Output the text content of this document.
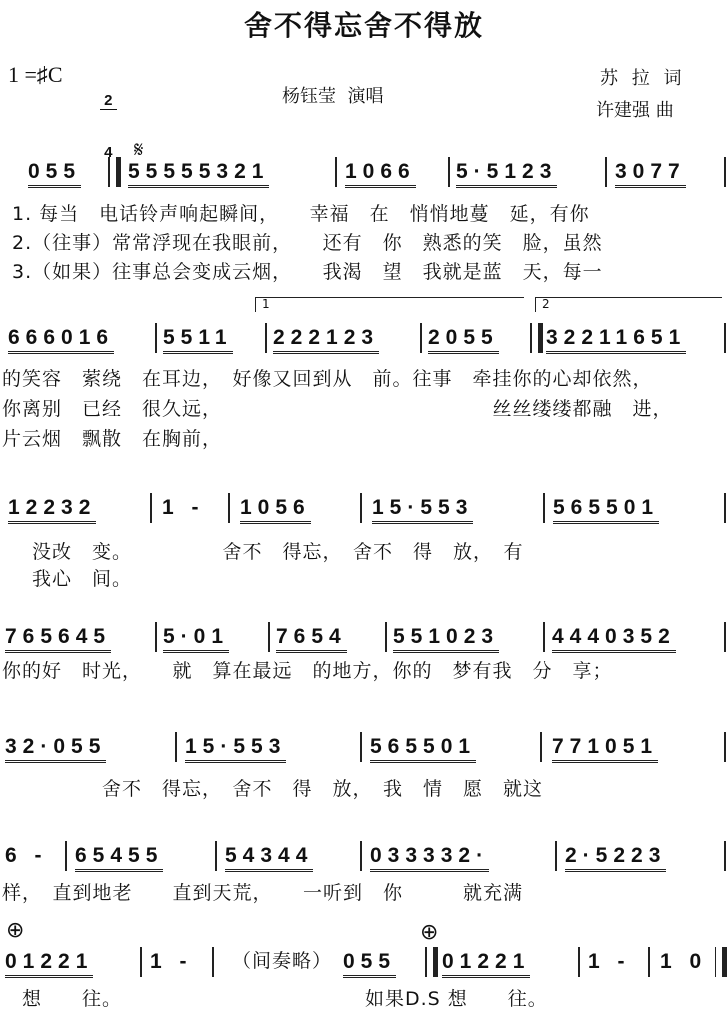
舍不得忘舍不得放
1 =♯C

$\frac{2}{4}$

	杨钰莹  演唱
苏 拉 词
许建强 曲
𝄋
055 55555321	1066 5·5123	3077
1. 每当　电话铃声响起瞬间，　　幸福　在　悄悄地蔓　延，有你
2.（往事）常常浮现在我眼前，　　还有　你　熟悉的笑　脸，虽然
3.（如果）往事总会变成云烟，　　我渴　望　我就是蓝　天，每一
1	2
666016 5511 222123 2055 32211651
的笑容　萦绕　在耳边，　好像又回到从　前。往事　牵挂你的心却依然，
你离别　已经　很久远，　　　　　　　　　　　　　　丝丝缕缕都融　进，
片云烟　飘散　在胸前，
12232	1 - 1056	15·553	565501
　没改　变。　　　　　舍不　得忘，　舍不　得　放，　有
　我心　间。
765645 5·01 7654 551023	4440352
你的好　时光，　　就　算在最远　的地方，你的　梦有我　分　享；
32·055	15·553	565501	771051
　　　　　舍不　得忘，　舍不　得　放，　我　情　愿　就这
6 - 65455	54344	033332·	2·5223
样，　直到地老　　直到天荒，　　一听到　你　　　就充满
⊕	⊕
01221	1 - （间奏略） 055 01221	1 - 1 0
　想　　往。	如果D.S 想　　往。
